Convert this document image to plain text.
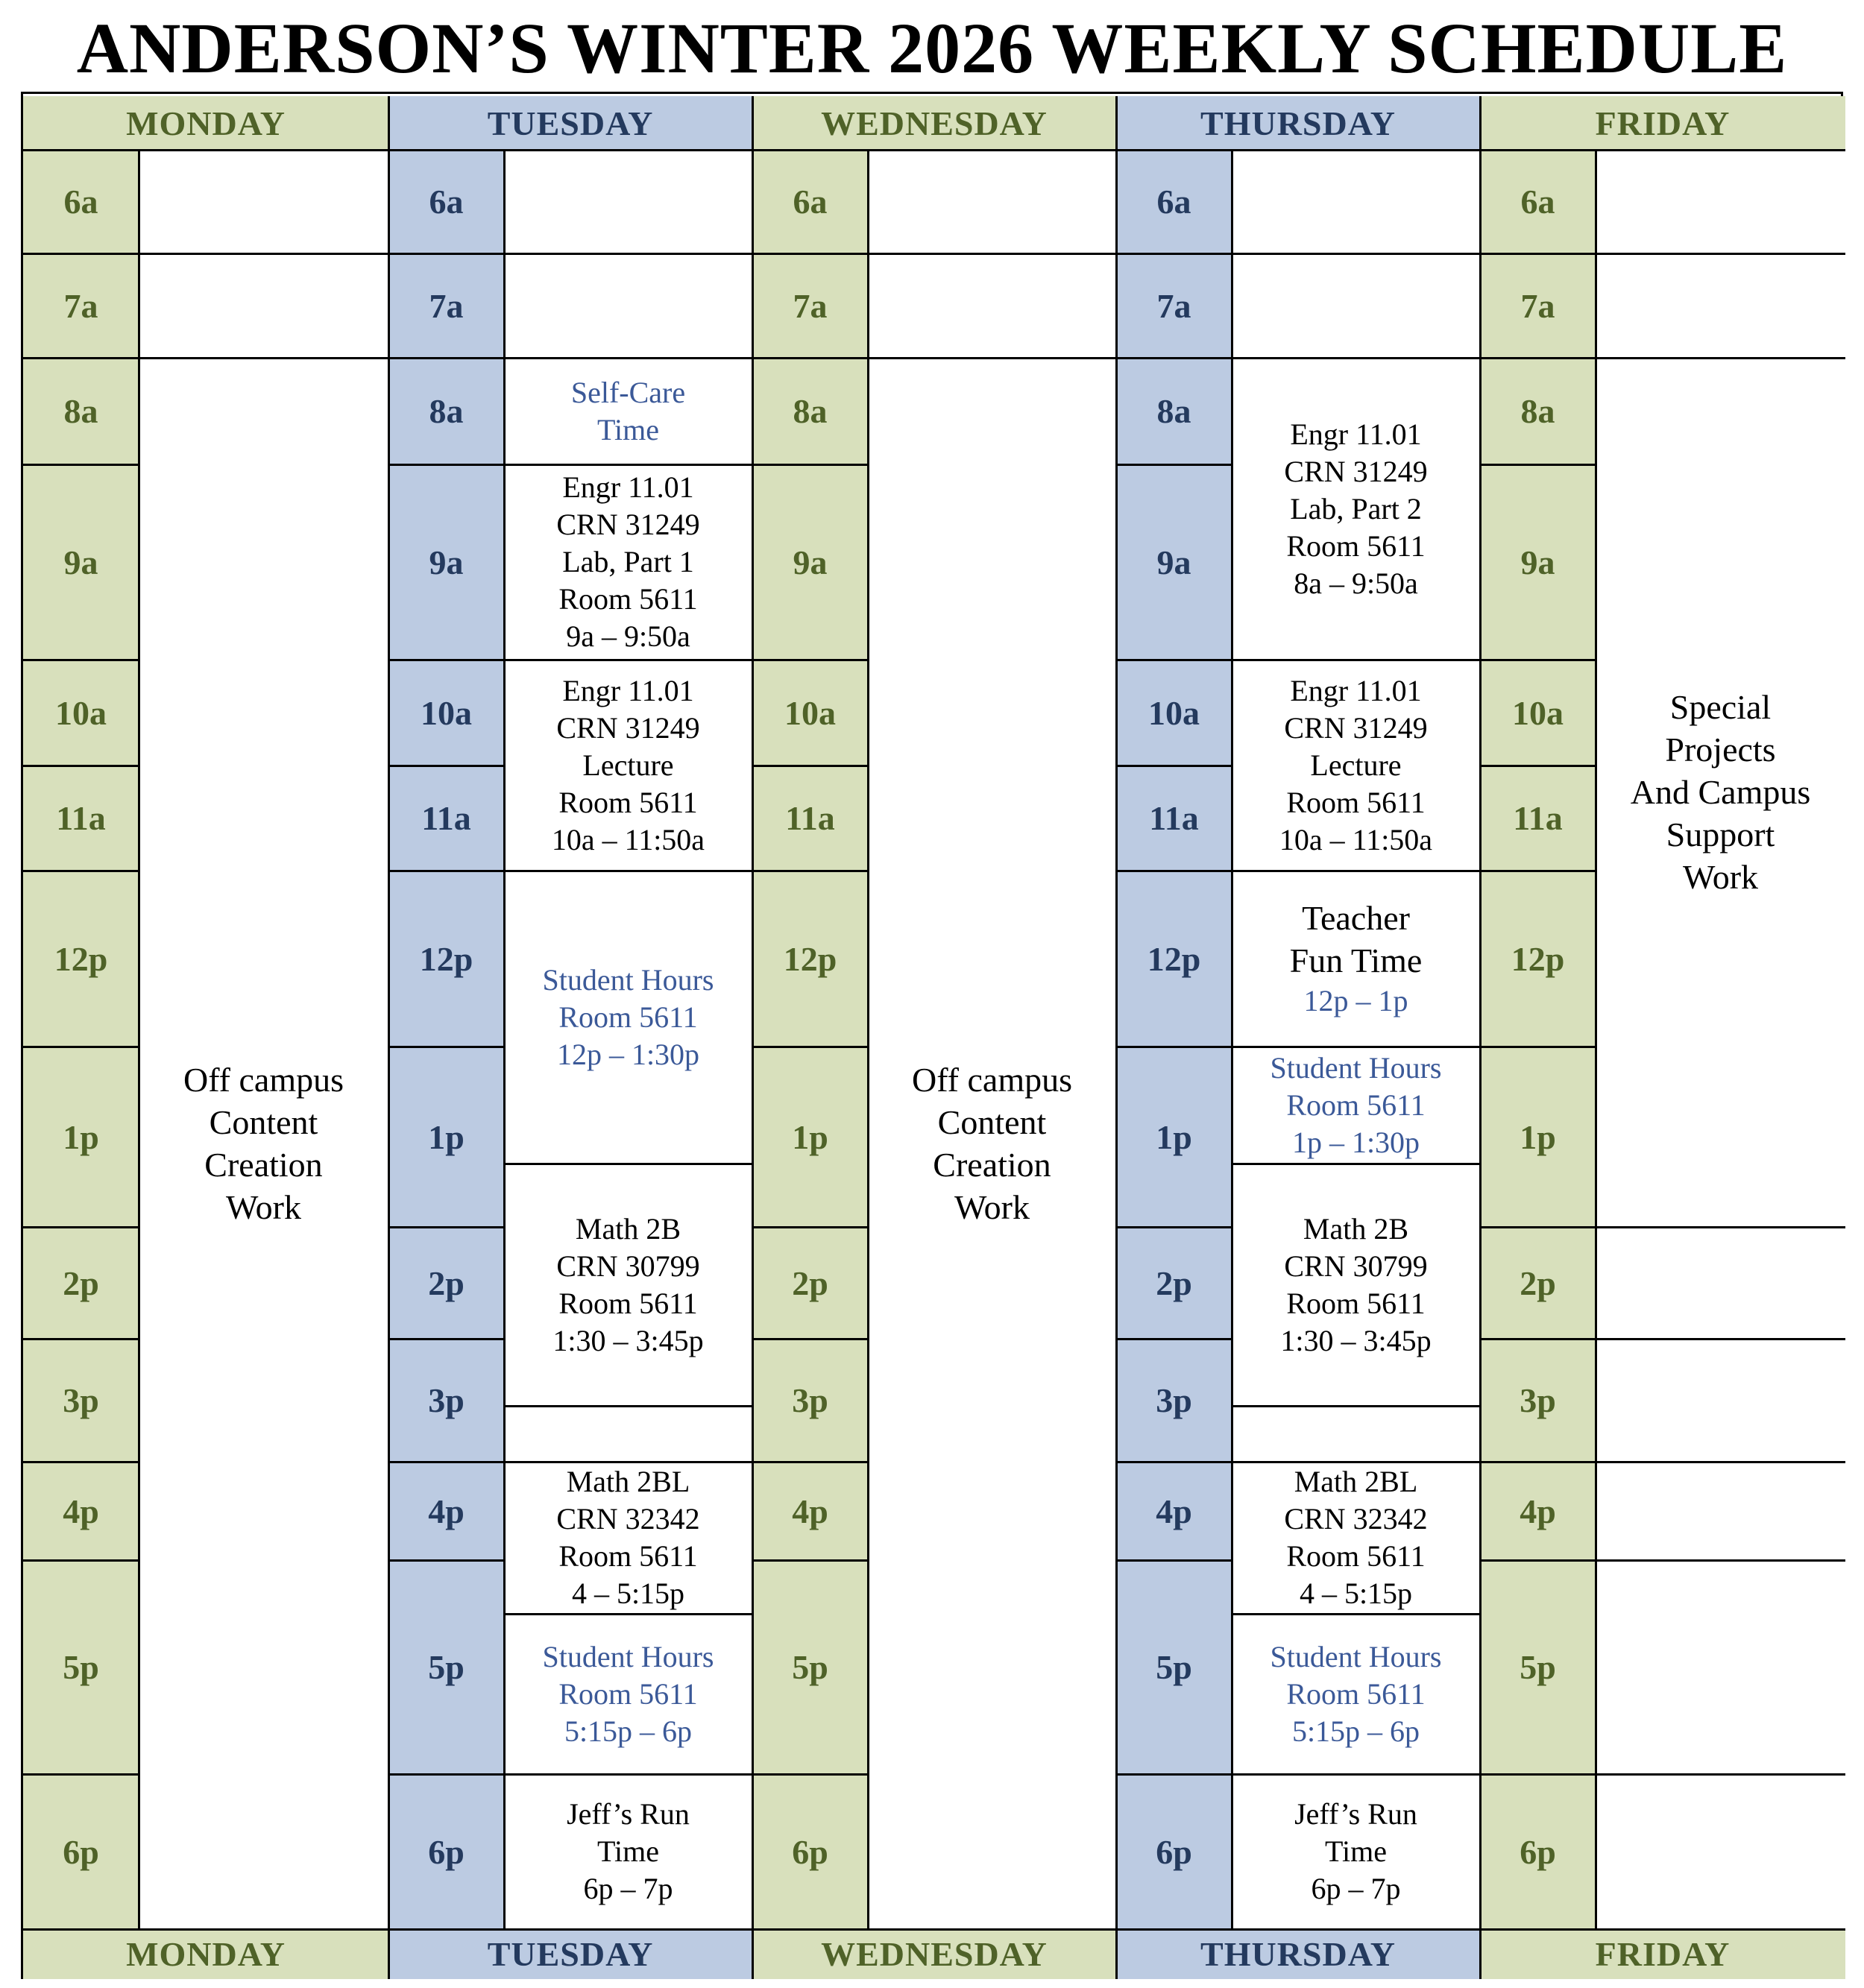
ANDERSON’S WINTER 2026 WEEKLY SCHEDULE
MONDAY
MONDAY
TUESDAY
TUESDAY
WEDNESDAY
WEDNESDAY
THURSDAY
THURSDAY
FRIDAY
FRIDAY
6a
7a
8a
9a
10a
11a
12p
1p
2p
3p
4p
5p
6p
6a
7a
8a
9a
10a
11a
12p
1p
2p
3p
4p
5p
6p
6a
7a
8a
9a
10a
11a
12p
1p
2p
3p
4p
5p
6p
6a
7a
8a
9a
10a
11a
12p
1p
2p
3p
4p
5p
6p
6a
7a
8a
9a
10a
11a
12p
1p
2p
3p
4p
5p
6p
Off campus
Content
Creation
Work
Self-Care
Time
Engr 11.01
CRN 31249
Lab, Part 1
Room 5611
9a – 9:50a
Engr 11.01
CRN 31249
Lecture
Room 5611
10a – 11:50a
Student Hours
Room 5611
12p – 1:30p
Math 2B
CRN 30799
Room 5611
1:30 – 3:45p
Math 2BL
CRN 32342
Room 5611
4 – 5:15p
Student Hours
Room 5611
5:15p – 6p
Jeff’s Run
Time
6p – 7p
Off campus
Content
Creation
Work
Engr 11.01
CRN 31249
Lab, Part 2
Room 5611
8a – 9:50a
Engr 11.01
CRN 31249
Lecture
Room 5611
10a – 11:50a
Teacher
Fun Time
12p – 1p
Student Hours
Room 5611
1p – 1:30p
Math 2B
CRN 30799
Room 5611
1:30 – 3:45p
Math 2BL
CRN 32342
Room 5611
4 – 5:15p
Student Hours
Room 5611
5:15p – 6p
Jeff’s Run
Time
6p – 7p
Special
Projects
And Campus
Support
Work
